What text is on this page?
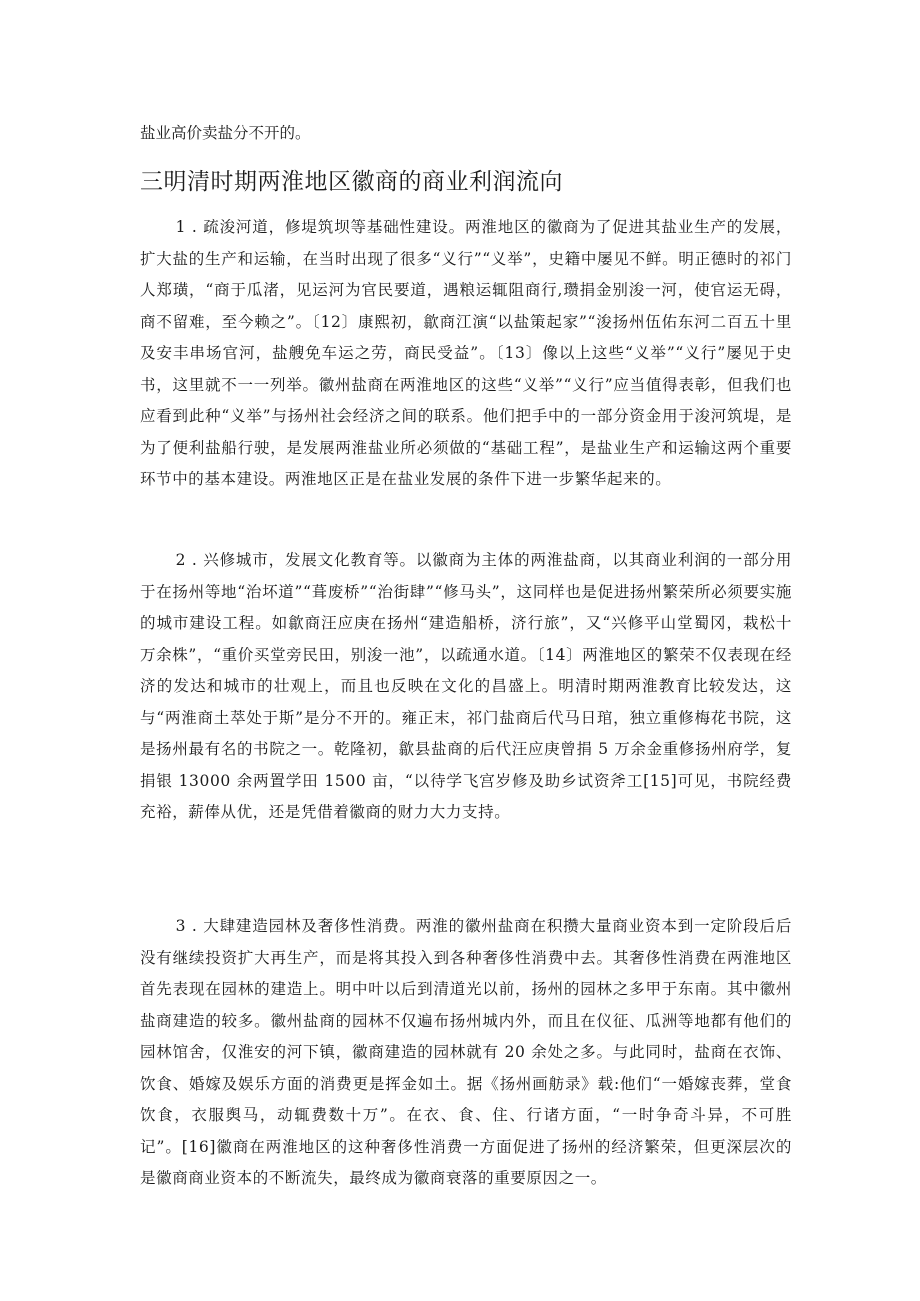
盐业高价卖盐分不开的。

三明清时期两淮地区徽商的商业利润流向

1 . 疏浚河道，修堤筑坝等基础性建设。两淮地区的徽商为了促进其盐业生产的发展，扩大盐的生产和运输，在当时出现了很多“义行”“义举”，史籍中屡见不鲜。明正德时的祁门人郑璜，“商于瓜渚，见运河为官民要道，遇粮运辄阻商行,瓒捐金别浚一河，使官运无碍，商不留难，至今赖之”。〔12〕康熙初，歙商江演“以盐策起家”“浚扬州伍佑东河二百五十里及安丰串场官河，盐艘免车运之劳，商民受益”。〔13〕像以上这些“义举”“义行”屡见于史书，这里就不一一列举。徽州盐商在两淮地区的这些“义举”“义行”应当值得表彰，但我们也应看到此种“义举”与扬州社会经济之间的联系。他们把手中的一部分资金用于浚河筑堤，是为了便利盐船行驶，是发展两淮盐业所必须做的“基础工程”，是盐业生产和运输这两个重要环节中的基本建设。两淮地区正是在盐业发展的条件下进一步繁华起来的。

2 . 兴修城市，发展文化教育等。以徽商为主体的两淮盐商，以其商业利润的一部分用于在扬州等地“治坏道”“葺废桥”“治街肆”“修马头”，这同样也是促进扬州繁荣所必须要实施的城市建设工程。如歙商汪应庚在扬州“建造船桥，济行旅”，又“兴修平山堂蜀冈，栽松十万余株”，“重价买堂旁民田，别浚一池”，以疏通水道。〔14〕两淮地区的繁荣不仅表现在经济的发达和城市的壮观上，而且也反映在文化的昌盛上。明清时期两淮教育比较发达，这与“两淮商土萃处于斯”是分不开的。雍正末，祁门盐商后代马日琯，独立重修梅花书院，这是扬州最有名的书院之一。乾隆初，歙县盐商的后代汪应庚曾捐 5 万余金重修扬州府学，复捐银 13000 余两置学田 1500 亩，“以待学飞宫岁修及助乡试资斧工[15]可见，书院经费充裕，薪俸从优，还是凭借着徽商的财力大力支持。

3 . 大肆建造园林及奢侈性消费。两淮的徽州盐商在积攒大量商业资本到一定阶段后后没有继续投资扩大再生产，而是将其投入到各种奢侈性消费中去。其奢侈性消费在两淮地区首先表现在园林的建造上。明中叶以后到清道光以前，扬州的园林之多甲于东南。其中徽州盐商建造的较多。徽州盐商的园林不仅遍布扬州城内外，而且在仪征、瓜洲等地都有他们的园林馆舍，仅淮安的河下镇，徽商建造的园林就有 20 余处之多。与此同时，盐商在衣饰、饮食、婚嫁及娱乐方面的消费更是挥金如土。据《扬州画舫录》载:他们“一婚嫁丧葬，堂食饮食，衣服舆马，动辄费数十万”。在衣、食、住、行诸方面，“一时争奇斗异，不可胜记”。[16]徽商在两淮地区的这种奢侈性消费一方面促进了扬州的经济繁荣，但更深层次的是徽商商业资本的不断流失，最终成为徽商衰落的重要原因之一。
